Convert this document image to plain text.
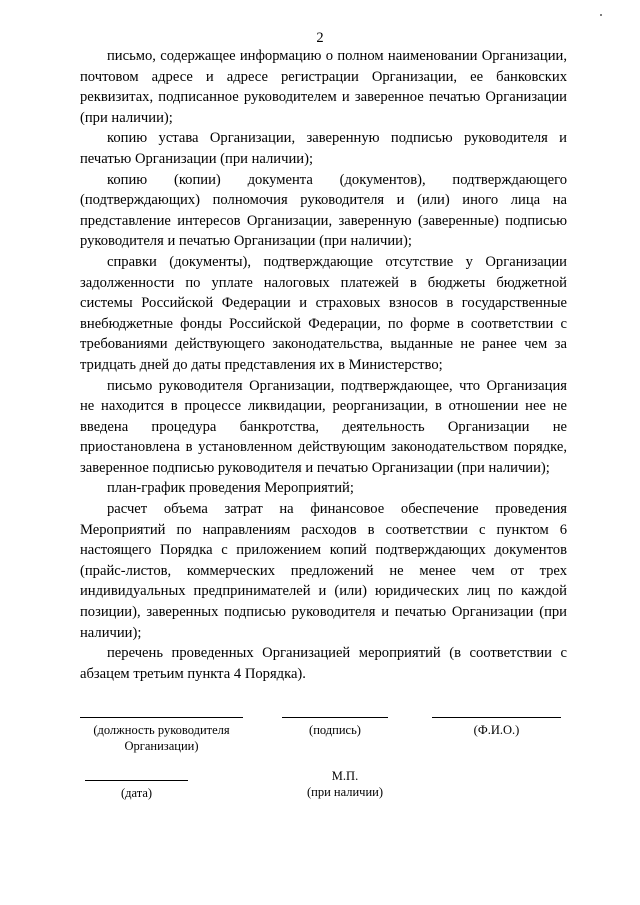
2

письмо, содержащее информацию о полном наименовании Организации, почтовом адресе и адресе регистрации Организации, ее банковских реквизитах, подписанное руководителем и заверенное печатью Организации (при наличии);

копию устава Организации, заверенную подписью руководителя и печатью Организации (при наличии);

копию (копии) документа (документов), подтверждающего (подтверждающих) полномочия руководителя и (или) иного лица на представление интересов Организации, заверенную (заверенные) подписью руководителя и печатью Организации (при наличии);

справки (документы), подтверждающие отсутствие у Организации задолженности по уплате налоговых платежей в бюджеты бюджетной системы Российской Федерации и страховых взносов в государственные внебюджетные фонды Российской Федерации, по форме в соответствии с требованиями действующего законодательства, выданные не ранее чем за тридцать дней до даты представления их в Министерство;

письмо руководителя Организации, подтверждающее, что Организация не находится в процессе ликвидации, реорганизации, в отношении нее не введена процедура банкротства, деятельность Организации не приостановлена в установленном действующим законодательством порядке, заверенное подписью руководителя и печатью Организации (при наличии);

план-график проведения Мероприятий;

расчет объема затрат на финансовое обеспечение проведения Мероприятий по направлениям расходов в соответствии с пунктом 6 настоящего Порядка с приложением копий подтверждающих документов (прайс-листов, коммерческих предложений не менее чем от трех индивидуальных предпринимателей и (или) юридических лиц по каждой позиции), заверенных подписью руководителя и печатью Организации (при наличии);

перечень проведенных Организацией мероприятий (в соответствии с абзацем третьим пункта 4 Порядка).

(должность руководителя Организации)
(подпись)	(Ф.И.О.)
(дата)
М.П.
(при наличии)
